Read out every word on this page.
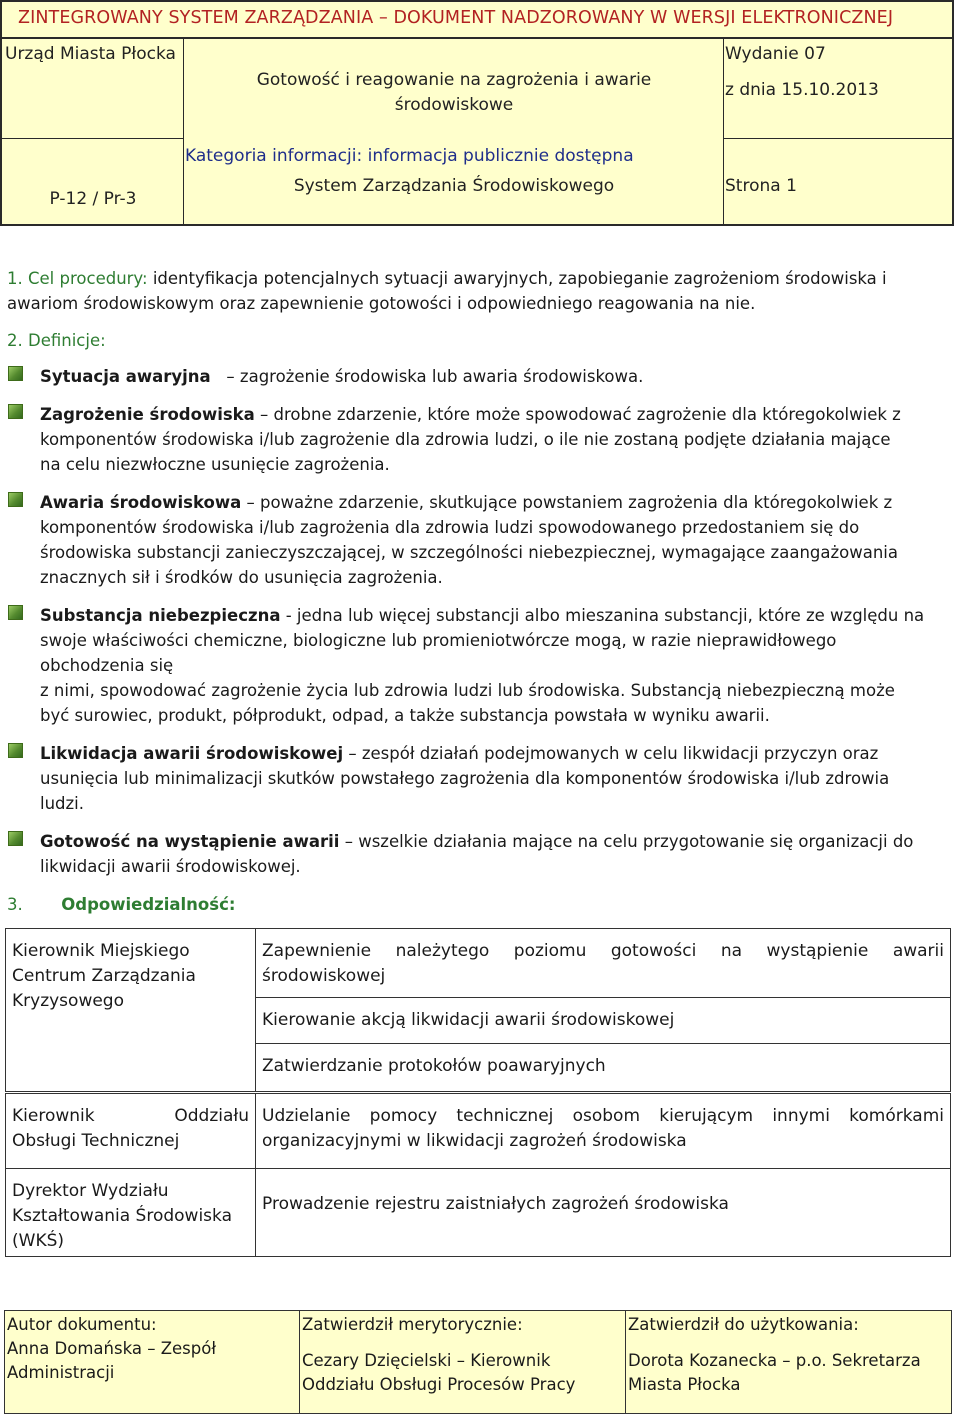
ZINTEGROWANY SYSTEM ZARZĄDZANIA – DOKUMENT NADZOROWANY W WERSJI ELEKTRONICZNEJ
Urząd Miasta Płocka
Gotowość i reagowanie na zagrożenia i awarie
środowiskowe
Wydanie 07
z dnia 15.10.2013
P-12 / Pr-3
Kategoria informacji: informacja publicznie dostępna
System Zarządzania Środowiskowego	Strona 1
1. Cel procedury: identyfikacja potencjalnych sytuacji awaryjnych, zapobieganie zagrożeniom środowiska i
awariom środowiskowym oraz zapewnienie gotowości i odpowiedniego reagowania na nie.
2. Definicje:
Sytuacja awaryjna – zagrożenie środowiska lub awaria środowiskowa.
Zagrożenie środowiska – drobne zdarzenie, które może spowodować zagrożenie dla któregokolwiek z
komponentów środowiska i/lub zagrożenie dla zdrowia ludzi, o ile nie zostaną podjęte działania mające
na celu niezwłoczne usunięcie zagrożenia.
Awaria środowiskowa – poważne zdarzenie, skutkujące powstaniem zagrożenia dla któregokolwiek z
komponentów środowiska i/lub zagrożenia dla zdrowia ludzi spowodowanego przedostaniem się do
środowiska substancji zanieczyszczającej, w szczególności niebezpiecznej, wymagające zaangażowania
znacznych sił i środków do usunięcia zagrożenia.
Substancja niebezpieczna - jedna lub więcej substancji albo mieszanina substancji, które ze względu na
swoje właściwości chemiczne, biologiczne lub promieniotwórcze mogą, w razie nieprawidłowego
obchodzenia się
z nimi, spowodować zagrożenie życia lub zdrowia ludzi lub środowiska. Substancją niebezpieczną może
być surowiec, produkt, półprodukt, odpad, a także substancja powstała w wyniku awarii.
Likwidacja awarii środowiskowej – zespół działań podejmowanych w celu likwidacji przyczyn oraz
usunięcia lub minimalizacji skutków powstałego zagrożenia dla komponentów środowiska i/lub zdrowia
ludzi.
Gotowość na wystąpienie awarii – wszelkie działania mające na celu przygotowanie się organizacji do
likwidacji awarii środowiskowej.
3. Odpowiedzialność:
Kierownik Miejskiego
Centrum Zarządzania
Kryzysowego
Zapewnienie należytego poziomu gotowości na wystąpienie awarii
środowiskowej
Kierowanie akcją likwidacji awarii środowiskowej
Zatwierdzanie protokołów poawaryjnych
Kierownik Oddziału
Obsługi Technicznej
Udzielanie pomocy technicznej osobom kierującym innymi komórkami
organizacyjnymi w likwidacji zagrożeń środowiska
Dyrektor Wydziału
Kształtowania Środowiska
(WKŚ)
Prowadzenie rejestru zaistniałych zagrożeń środowiska
Autor dokumentu:
Anna Domańska – Zespół
Administracji
Zatwierdził merytorycznie:
Cezary Dzięcielski – Kierownik
Oddziału Obsługi Procesów Pracy
Zatwierdził do użytkowania:
Dorota Kozanecka – p.o. Sekretarza
Miasta Płocka
